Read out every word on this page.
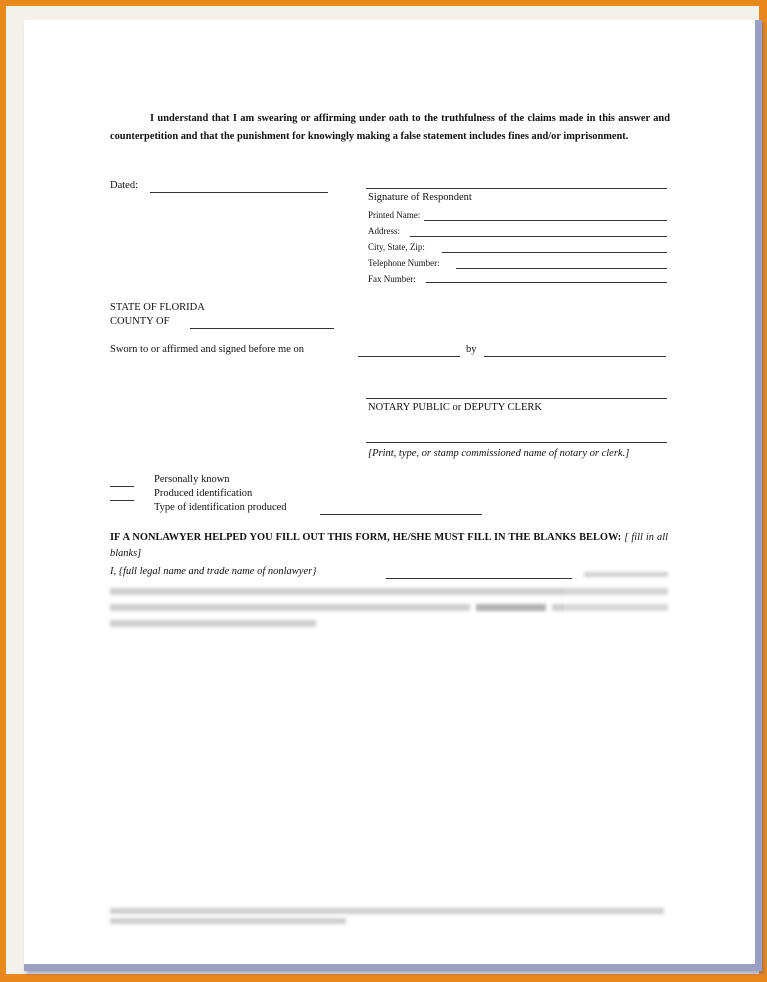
I understand that I am swearing or affirming under oath to the truthfulness of the claims made in this answer and counterpetition and that the punishment for knowingly making a false statement includes fines and/or imprisonment.
Dated:
Signature of Respondent
Printed Name:
Address:
City, State, Zip:
Telephone Number:
Fax Number:
STATE OF FLORIDA
COUNTY OF
Sworn to or affirmed and signed before me on	by
NOTARY PUBLIC or DEPUTY CLERK
[Print, type, or stamp commissioned name of notary or clerk.]
Personally known
Produced identification
Type of identification produced
IF A NONLAWYER HELPED YOU FILL OUT THIS FORM, HE/SHE MUST FILL IN THE BLANKS BELOW: [ fill in all blanks]
I, {full legal name and trade name of nonlawyer}
